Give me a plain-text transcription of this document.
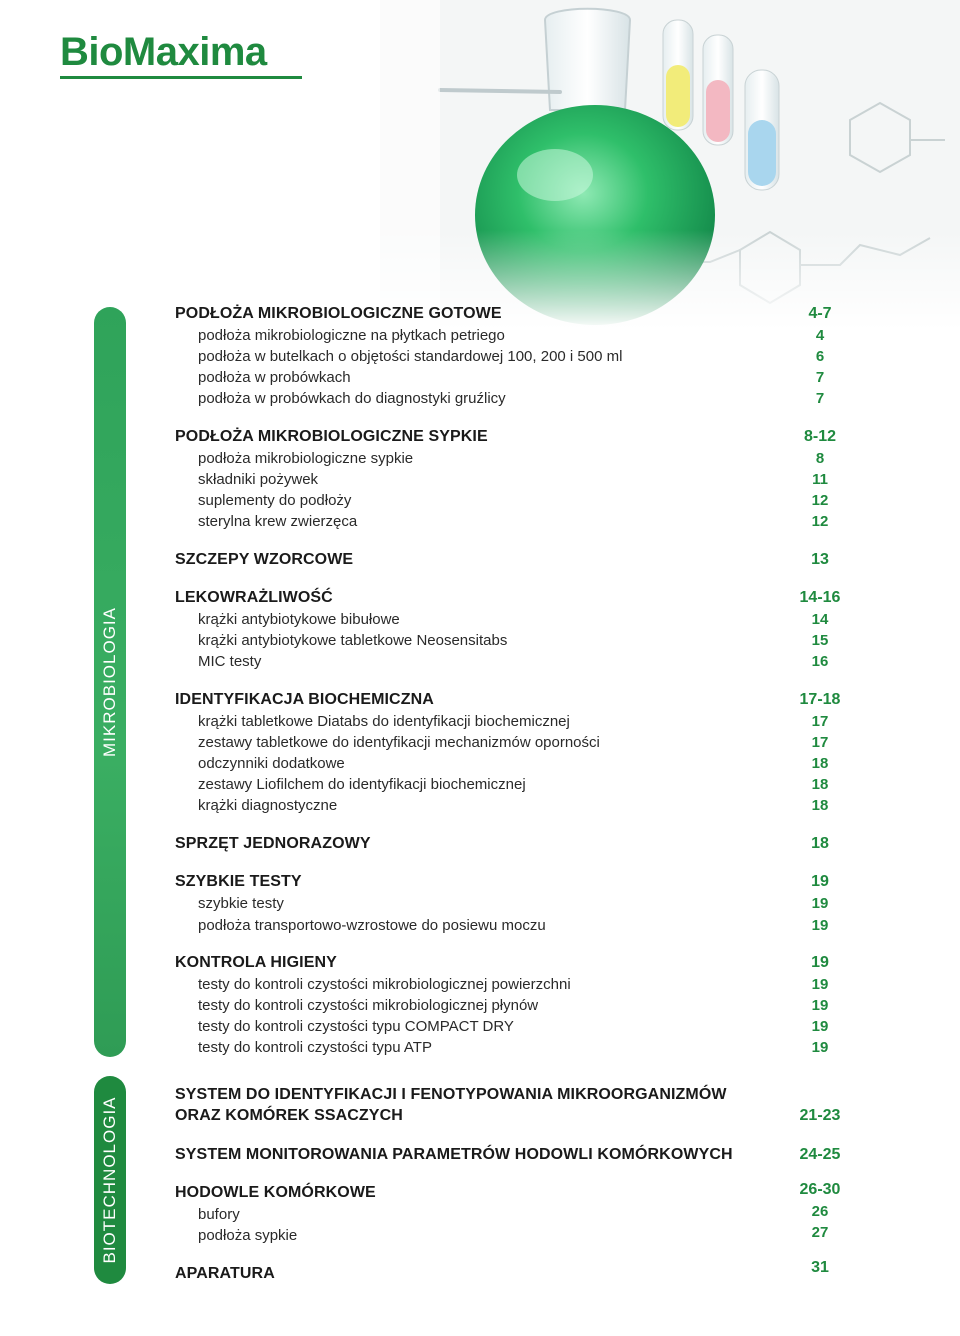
BioMaxima
MIKROBIOLOGIA
BIOTECHNOLOGIA
PODŁOŻA MIKROBIOLOGICZNE GOTOWE	4-7
podłoża mikrobiologiczne na płytkach petriego	4
podłoża w butelkach o objętości standardowej 100, 200 i 500 ml	6
podłoża w probówkach	7
podłoża w probówkach do diagnostyki gruźlicy	7
PODŁOŻA MIKROBIOLOGICZNE SYPKIE	8-12
podłoża mikrobiologiczne sypkie	8
składniki pożywek	11
suplementy do podłoży	12
sterylna krew zwierzęca	12
SZCZEPY WZORCOWE	13
LEKOWRAŻLIWOŚĆ	14-16
krążki antybiotykowe bibułowe	14
krążki antybiotykowe tabletkowe Neosensitabs	15
MIC testy	16
IDENTYFIKACJA BIOCHEMICZNA	17-18
krążki tabletkowe Diatabs do identyfikacji biochemicznej	17
zestawy tabletkowe do identyfikacji mechanizmów oporności	17
odczynniki dodatkowe	18
zestawy Liofilchem do identyfikacji biochemicznej	18
krążki diagnostyczne	18
SPRZĘT JEDNORAZOWY	18
SZYBKIE TESTY	19
szybkie testy	19
podłoża transportowo-wzrostowe do posiewu moczu	19
KONTROLA HIGIENY	19
testy do kontroli czystości mikrobiologicznej powierzchni	19
testy do kontroli czystości mikrobiologicznej płynów	19
testy do kontroli czystości typu COMPACT DRY	19
testy do kontroli czystości typu ATP	19
SYSTEM DO IDENTYFIKACJI I FENOTYPOWANIA MIKROORGANIZMÓW
ORAZ KOMÓREK SSACZYCH	21-23
SYSTEM MONITOROWANIA PARAMETRÓW HODOWLI KOMÓRKOWYCH	24-25
HODOWLE KOMÓRKOWE	26-30
bufory	26
podłoża sypkie	27
APARATURA	31
